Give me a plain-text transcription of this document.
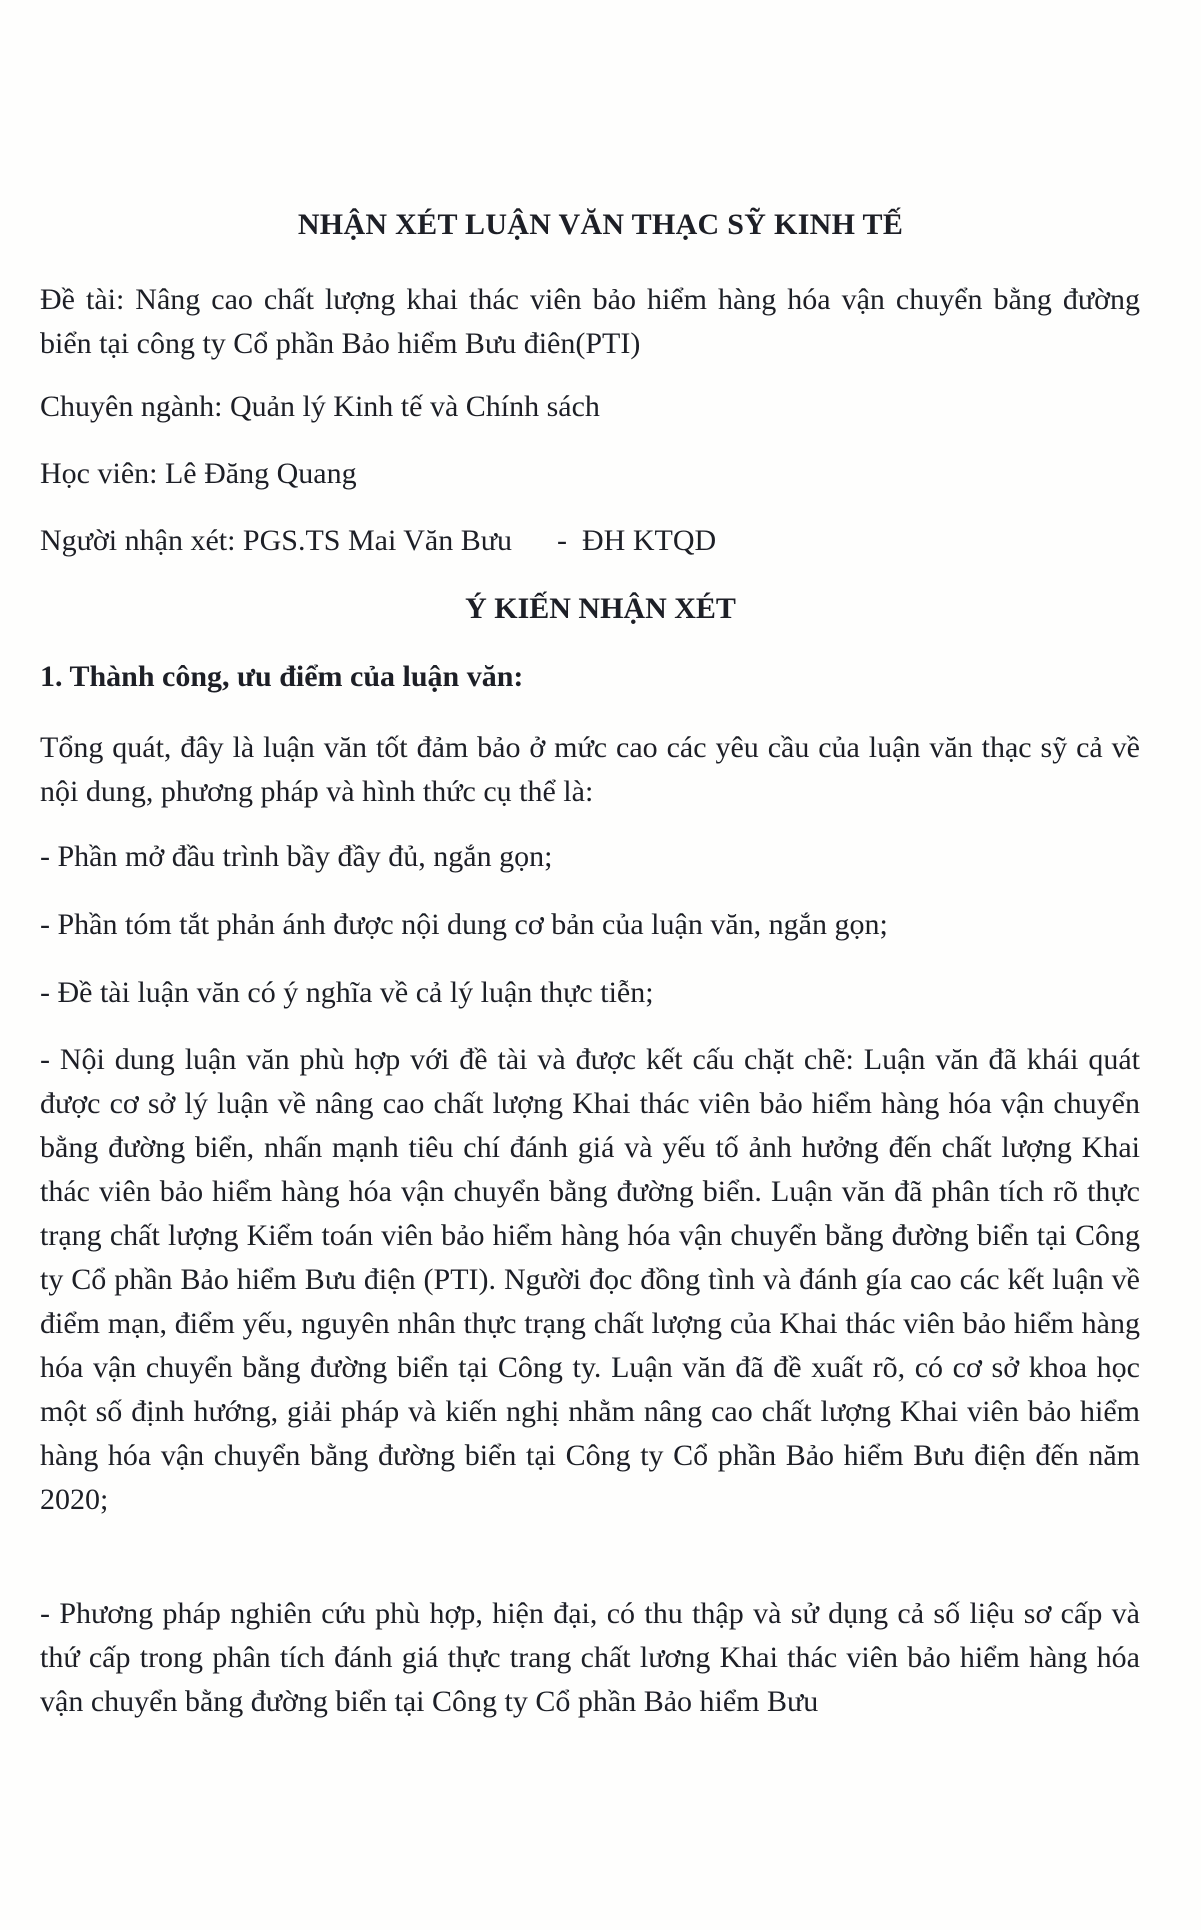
NHẬN XÉT LUẬN VĂN THẠC SỸ KINH TẾ
Đề tài: Nâng cao chất lượng khai thác viên bảo hiểm hàng hóa vận chuyển bằng đường biển tại công ty Cổ phần Bảo hiểm Bưu điên(PTI)
Chuyên ngành: Quản lý Kinh tế và Chính sách
Học viên: Lê Đăng Quang
Người nhận xét: PGS.TS Mai Văn Bưu      -  ĐH KTQD
Ý KIẾN NHẬN XÉT
1. Thành công, ưu điểm của luận văn:
Tổng quát, đây là luận văn tốt đảm bảo ở mức cao các yêu cầu của luận văn thạc sỹ cả về nội dung, phương pháp và hình thức cụ thể là:
- Phần mở đầu trình bầy đầy đủ, ngắn gọn;
- Phần tóm tắt phản ánh được nội dung cơ bản của luận văn, ngắn gọn;
- Đề tài luận văn có ý nghĩa về cả lý luận thực tiễn;
- Nội dung luận văn phù hợp với đề tài và được kết cấu chặt chẽ: Luận văn đã khái quát được cơ sở lý luận về nâng cao chất lượng Khai thác viên bảo hiểm hàng hóa vận chuyển bằng đường biển, nhấn mạnh tiêu chí đánh giá và yếu tố ảnh hưởng đến chất lượng Khai thác viên bảo hiểm hàng hóa vận chuyển bằng đường biển. Luận văn đã phân tích rõ thực trạng chất lượng Kiểm toán viên bảo hiểm hàng hóa vận chuyển bằng đường biển tại Công ty Cổ phần Bảo hiểm Bưu điện (PTI). Người đọc đồng tình và đánh gía cao các kết luận về điểm mạn, điểm yếu, nguyên nhân thực trạng chất lượng của Khai thác viên bảo hiểm hàng hóa vận chuyển bằng đường biển tại Công ty. Luận văn đã đề xuất rõ, có cơ sở khoa học một số định hướng, giải pháp và kiến nghị nhằm nâng cao chất lượng Khai viên bảo hiểm hàng hóa vận chuyển bằng đường biển tại Công ty Cổ phần Bảo hiểm Bưu điện đến năm 2020;
- Phương pháp nghiên cứu phù hợp, hiện đại, có thu thập và sử dụng cả số liệu sơ cấp và thứ cấp trong phân tích đánh giá thực trang chất lương Khai thác viên bảo hiểm hàng hóa vận chuyển bằng đường biển tại Công ty Cổ phần Bảo hiểm Bưu
